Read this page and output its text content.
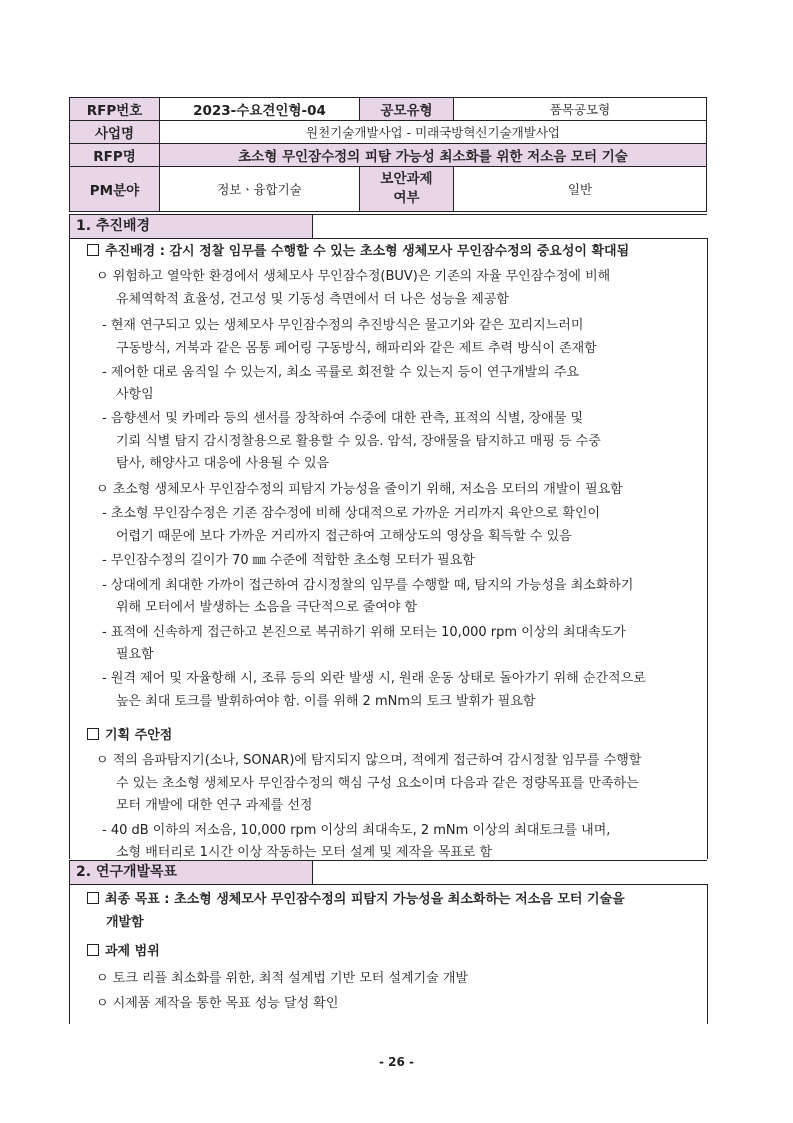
RFP번호	2023-수요견인형-04	공모유형	품목공모형
사업명	원천기술개발사업 - 미래국방혁신기술개발사업		
RFP명	초소형 무인잠수정의 피탐 가능성 최소화를 위한 저소음 모터 기술		
PM분야	정보ㆍ융합기술	보안과제 여부	일반
1. 추진배경
2. 연구개발목표
추진배경 : 감시 정찰 임무를 수행할 수 있는 초소형 생체모사 무인잠수정의 중요성이 확대됨
ㅇ 위험하고 열악한 환경에서 생체모사 무인잠수정(BUV)은 기존의 자율 무인잠수정에 비해
유체역학적 효율성, 건고성 및 기동성 측면에서 더 나은 성능을 제공함
- 현재 연구되고 있는 생체모사 무인잠수정의 추진방식은 물고기와 같은 꼬리지느러미
구동방식, 거북과 같은 몸통 페어링 구동방식, 해파리와 같은 제트 추력 방식이 존재함
- 제어한 대로 움직일 수 있는지, 최소 곡률로 회전할 수 있는지 등이 연구개발의 주요
사항임
- 음향센서 및 카메라 등의 센서를 장착하여 수중에 대한 관측, 표적의 식별, 장애물 및
기뢰 식별 탐지 감시정찰용으로 활용할 수 있음. 암석, 장애물을 탐지하고 매핑 등 수중
탐사, 해양사고 대응에 사용될 수 있음
ㅇ 초소형 생체모사 무인잠수정의 피탐지 가능성을 줄이기 위해, 저소음 모터의 개발이 필요함
- 초소형 무인잠수정은 기존 잠수정에 비해 상대적으로 가까운 거리까지 육안으로 확인이
어렵기 때문에 보다 가까운 거리까지 접근하여 고해상도의 영상을 획득할 수 있음
- 무인잠수정의 길이가 70 ㎜ 수준에 적합한 초소형 모터가 필요함
- 상대에게 최대한 가까이 접근하여 감시정찰의 임무를 수행할 때, 탐지의 가능성을 최소화하기
위해 모터에서 발생하는 소음을 극단적으로 줄여야 함
- 표적에 신속하게 접근하고 본진으로 복귀하기 위해 모터는 10,000 rpm 이상의 최대속도가
필요함
- 원격 제어 및 자율항해 시, 조류 등의 외란 발생 시, 원래 운동 상태로 돌아가기 위해 순간적으로
높은 최대 토크를 발휘하여야 함. 이를 위해 2 mNm의 토크 발휘가 필요함
기획 주안점
ㅇ 적의 음파탐지기(소나, SONAR)에 탐지되지 않으며, 적에게 접근하여 감시정찰 임무를 수행할
수 있는 초소형 생체모사 무인잠수정의 핵심 구성 요소이며 다음과 같은 정량목표를 만족하는
모터 개발에 대한 연구 과제를 선정
- 40 dB 이하의 저소음, 10,000 rpm 이상의 최대속도, 2 mNm 이상의 최대토크를 내며,
소형 배터리로 1시간 이상 작동하는 모터 설계 및 제작을 목표로 함
최종 목표 : 초소형 생체모사 무인잠수정의 피탐지 가능성을 최소화하는 저소음 모터 기술을
개발함
과제 범위
ㅇ 토크 리플 최소화를 위한, 최적 설계법 기반 모터 설계기술 개발
ㅇ 시제품 제작을 통한 목표 성능 달성 확인
- 26 -
